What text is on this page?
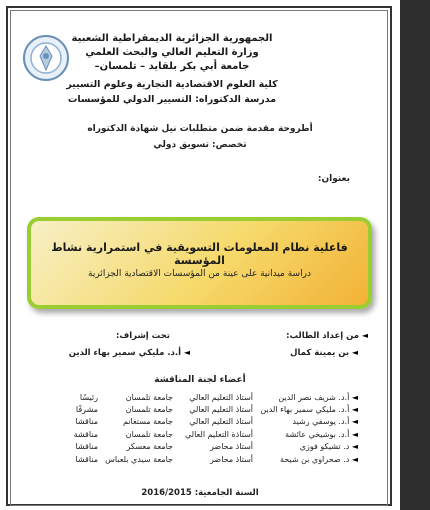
الجمهورية الجزائرية الديمقراطية الشعبية
وزارة التعليم العالي والبحث العلمي
جامعة أبي بكر بلقايد – تلمسان–
كلية العلوم الاقتصادية التجارية وعلوم التسيير
مدرسة الدكتوراه: التسيير الدولي للمؤسسات
أطروحة مقدمة ضمن متطلبات نيل شهادة الدكتوراه
تخصص: تسويق دولي
بعنوان:
فاعلية نظام المعلومات التسويقية في استمرارية نشاط المؤسسة
دراسة ميدانية على عينة من المؤسسات الاقتصادية الجزائرية
◄ من إعداد الطالب:
تحت إشراف:
◄ بن يمينة كمال
◄ أ.د. مليكي سمير بهاء الدين
أعضاء لجنة المناقشة
◄ أ.د. شريف نصر الدين	أستاذ التعليم العالي	جامعة تلمسان	رئيسًا
◄ أ.د. مليكي سمير بهاء الدين	أستاذ التعليم العالي	جامعة تلمسان	مشرفًا
◄ أ.د. يوسفي رشيد	أستاذ التعليم العالي	جامعة مستغانم	مناقشا
◄ أ.د. بوشيخي عائشة	أستاذة التعليم العالي	جامعة تلمسان	مناقشة
◄ د. تشيكو فوزي	أستاذ محاضر	جامعة معسكر	مناقشا
◄ د. صحراوي بن شيحة	أستاذ محاضر	جامعة سيدي بلعباس	مناقشا
السنة الجامعية: 2016/2015
